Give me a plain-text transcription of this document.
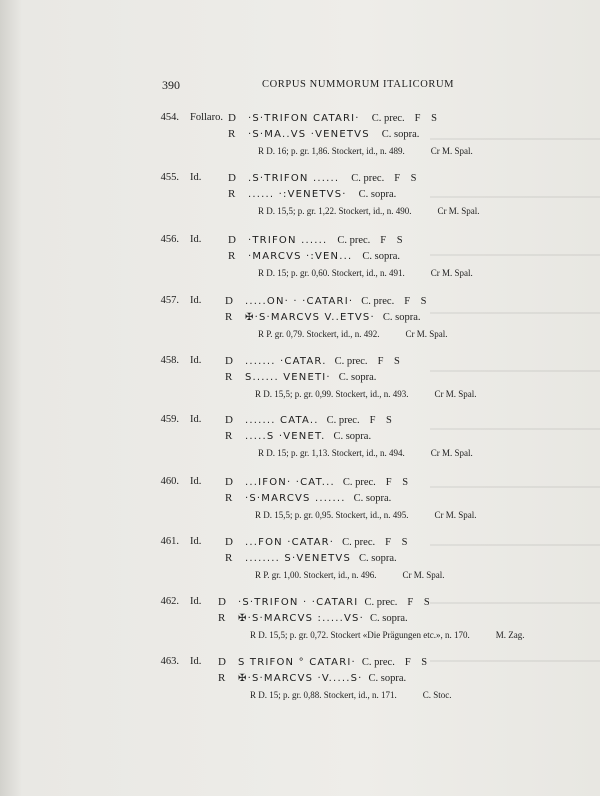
390	CORPUS NUMMORUM ITALICORUM
454. Follaro. D ·S·TRIFON CATARI· C. prec. F S
R ·S·MA..VS ·VENETVS C. sopra.
R D. 16; p. gr. 1,86. Stockert, id., n. 489.	Cr M. Spal.
455. Id. D .S·TRIFON ...... C. prec. F S
R ...... ·:VENETVS· C. sopra.
R D. 15,5; p. gr. 1,22. Stockert, id., n. 490.	Cr M. Spal.
456. Id. D ·TRIFON ...... C. prec. F S
R ·MARCVS ·:VEN... C. sopra.
R D. 15; p. gr. 0,60. Stockert, id., n. 491.	Cr M. Spal.
457. Id. D .....ON· · ·CATARI· C. prec. F S
R ✠·S·MARCVS V..ETVS· C. sopra.
R P. gr. 0,79. Stockert, id., n. 492.	Cr M. Spal.
458. Id. D ....... ·CATAR. C. prec. F S
R S...... VENETI· C. sopra.
R D. 15,5; p. gr. 0,99. Stockert, id., n. 493.	Cr M. Spal.
459. Id. D ....... CATA.. C. prec. F S
R .....S ·VENET. C. sopra.
R D. 15; p. gr. 1,13. Stockert, id., n. 494.	Cr M. Spal.
460. Id. D ...IFON· ·CAT... C. prec. F S
R ·S·MARCVS ....... C. sopra.
R D. 15,5; p. gr. 0,95. Stockert, id., n. 495.	Cr M. Spal.
461. Id. D ...FON ·CATAR· C. prec. F S
R ........ S·VENETVS C. sopra.
R P. gr. 1,00. Stockert, id., n. 496.	Cr M. Spal.
462. Id. D ·S·TRIFON · ·CATARI C. prec. F S
R ✠·S·MARCVS :.....VS· C. sopra.
R D. 15,5; p. gr. 0,72. Stockert «Die Prägungen etc.», n. 170.	M. Zag.
463. Id. D S TRIFON ° CATARI· C. prec. F S
R ✠·S·MARCVS ·V.....S· C. sopra.
R D. 15; p. gr. 0,88. Stockert, id., n. 171.	C. Stoc.
